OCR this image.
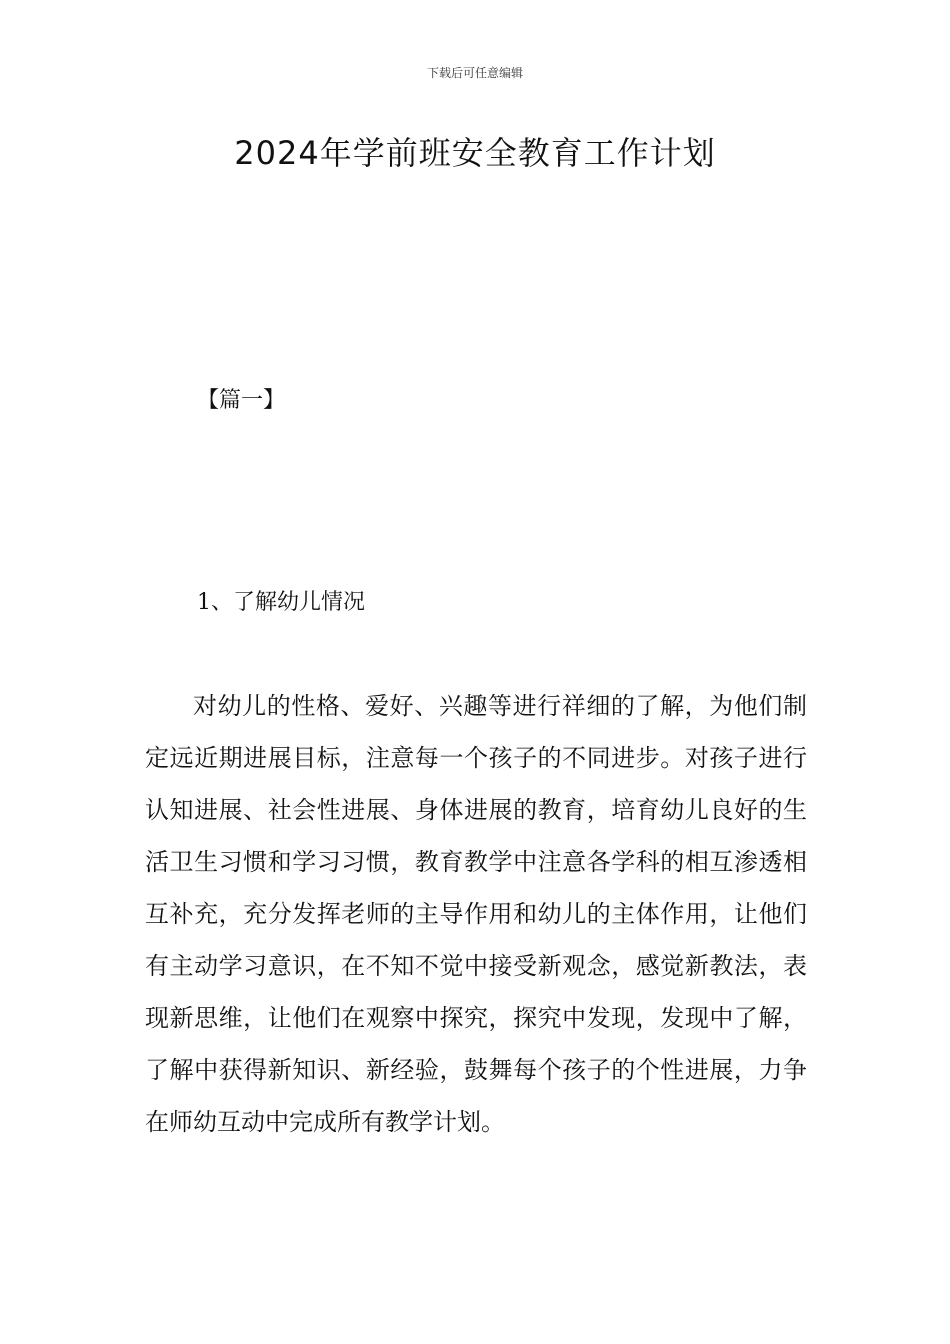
下载后可任意编辑
2024年学前班安全教育工作计划
【篇一】
1、了解幼儿情况

对幼儿的性格、爱好、兴趣等进行祥细的了解，为他们制定远近期进展目标，注意每一个孩子的不同进步。对孩子进行认知进展、社会性进展、身体进展的教育，培育幼儿良好的生活卫生习惯和学习习惯，教育教学中注意各学科的相互渗透相互补充，充分发挥老师的主导作用和幼儿的主体作用，让他们有主动学习意识，在不知不觉中接受新观念，感觉新教法，表现新思维，让他们在观察中探究，探究中发现，发现中了解，了解中获得新知识、新经验，鼓舞每个孩子的个性进展，力争在师幼互动中完成所有教学计划。
